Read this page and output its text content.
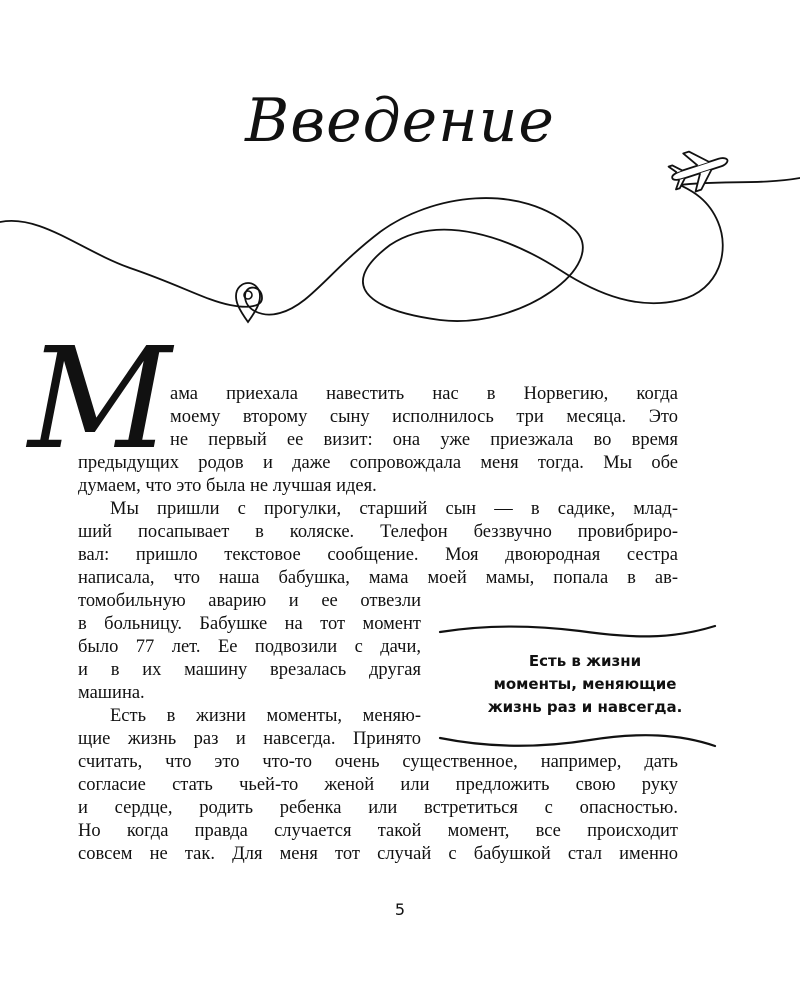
Введение
М
ама приехала навестить нас в Норвегию, когда
моему второму сыну исполнилось три месяца. Это
не первый ее визит: она уже приезжала во время
предыдущих родов и даже сопровождала меня тогда. Мы обе
думаем, что это была не лучшая идея.
Мы пришли с прогулки, старший сын — в садике, млад-
ший посапывает в коляске. Телефон беззвучно провибриро-
вал: пришло текстовое сообщение. Моя двоюродная сестра
написала, что наша бабушка, мама моей мамы, попала в ав-
томобильную аварию и ее отвезли
в больницу. Бабушке на тот момент
было 77 лет. Ее подвозили с дачи,
и в их машину врезалась другая
машина.
Есть в жизни моменты, меняю-
щие жизнь раз и навсегда. Принято
считать, что это что-то очень существенное, например, дать
согласие стать чьей-то женой или предложить свою руку
и сердце, родить ребенка или встретиться с опасностью.
Но когда правда случается такой момент, все происходит
совсем не так. Для меня тот случай с бабушкой стал именно
Есть в жизни
моменты, меняющие
жизнь раз и навсегда.
5
